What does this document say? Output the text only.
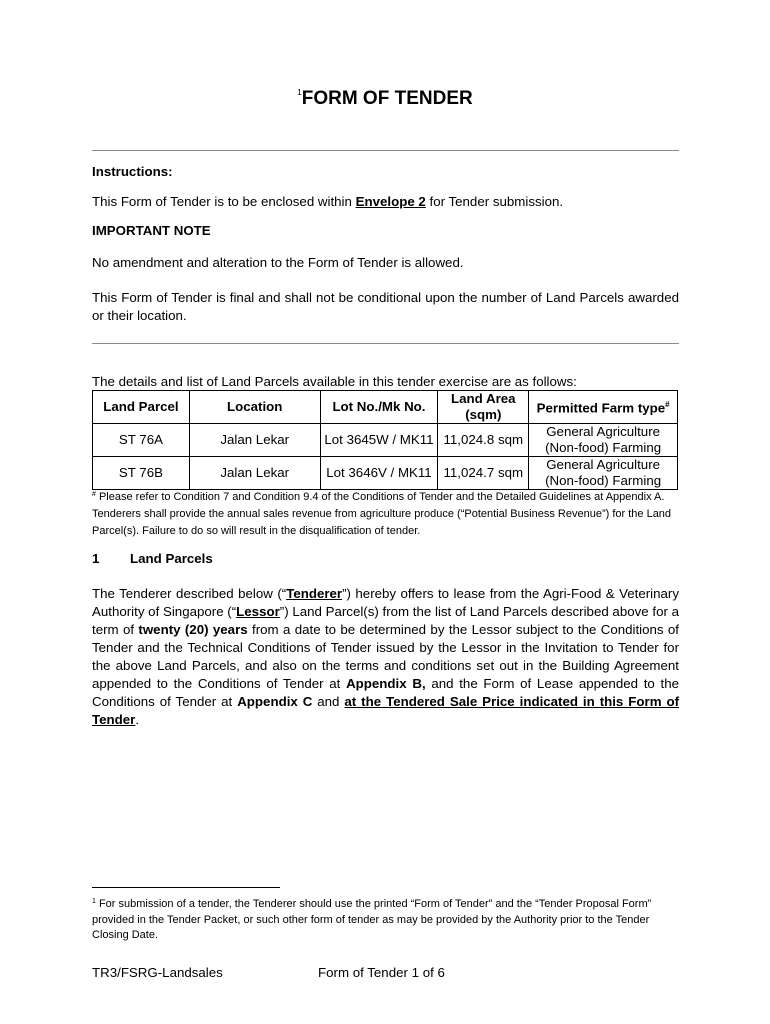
$^1$FORM OF TENDER
Instructions:
This Form of Tender is to be enclosed within Envelope 2 for Tender submission.
IMPORTANT NOTE
No amendment and alteration to the Form of Tender is allowed.
This Form of Tender is final and shall not be conditional upon the number of Land Parcels awarded or their location.
The details and list of Land Parcels available in this tender exercise are as follows:
Land Parcel	Location	Lot No./Mk No.	Land Area (sqm)	Permitted Farm type#
ST 76A	Jalan Lekar	Lot 3645W / MK11	11,024.8 sqm	General Agriculture (Non-food) Farming
ST 76B	Jalan Lekar	Lot 3646V / MK11	11,024.7 sqm	General Agriculture (Non-food) Farming
# Please refer to Condition 7 and Condition 9.4 of the Conditions of Tender and the Detailed Guidelines at Appendix A. Tenderers shall provide the annual sales revenue from agriculture produce (“Potential Business Revenue”) for the Land Parcel(s). Failure to do so will result in the disqualification of tender.
1 Land Parcels
The Tenderer described below (“Tenderer”) hereby offers to lease from the Agri-Food & Veterinary Authority of Singapore (“Lessor”) Land Parcel(s) from the list of Land Parcels described above for a term of twenty (20) years from a date to be determined by the Lessor subject to the Conditions of Tender and the Technical Conditions of Tender issued by the Lessor in the Invitation to Tender for the above Land Parcels, and also on the terms and conditions set out in the Building Agreement appended to the Conditions of Tender at Appendix B, and the Form of Lease appended to the Conditions of Tender at Appendix C and at the Tendered Sale Price indicated in this Form of Tender.
$^1$ For submission of a tender, the Tenderer should use the printed “Form of Tender” and the “Tender Proposal Form” provided in the Tender Packet, or such other form of tender as may be provided by the Authority prior to the Tender Closing Date.
TR3/FSRG-Landsales	Form of Tender 1 of 6
